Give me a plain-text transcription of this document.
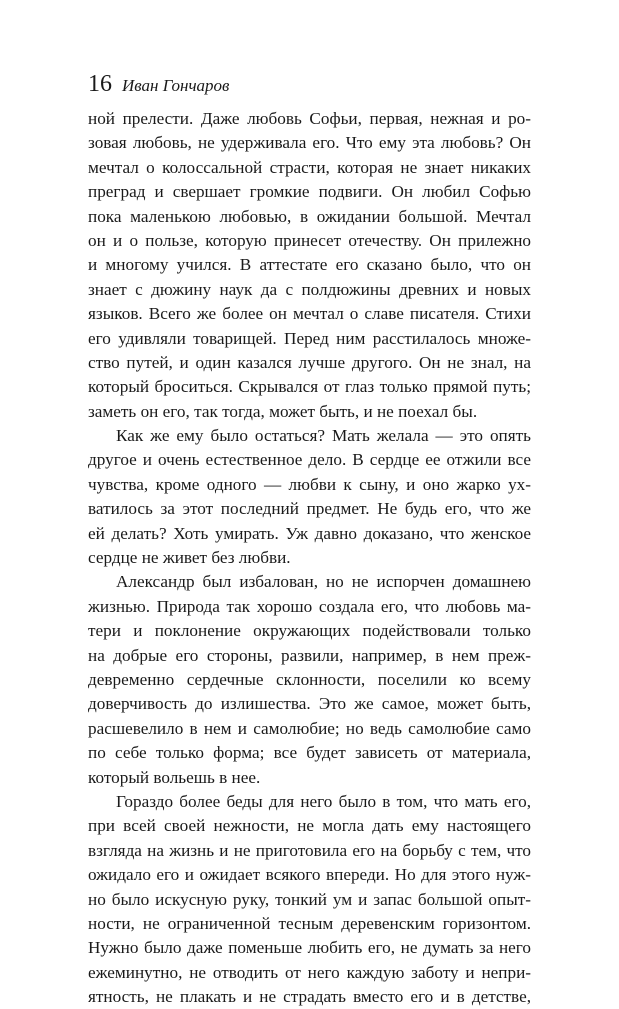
16 Иван Гончаров
ной прелести. Даже любовь Софьи, первая, нежная и ро-
зовая любовь, не удерживала его. Что ему эта любовь? Он
мечтал о колоссальной страсти, которая не знает никаких
преград и свершает громкие подвиги. Он любил Софью
пока маленькою любовью, в ожидании большой. Мечтал
он и о пользе, которую принесет отечеству. Он прилежно
и многому учился. В аттестате его сказано было, что он
знает с дюжину наук да с полдюжины древних и новых
языков. Всего же более он мечтал о славе писателя. Стихи
его удивляли товарищей. Перед ним расстилалось множе-
ство путей, и один казался лучше другого. Он не знал, на
который броситься. Скрывался от глаз только прямой путь;
заметь он его, так тогда, может быть, и не поехал бы.
Как же ему было остаться? Мать желала — это опять
другое и очень естественное дело. В сердце ее отжили все
чувства, кроме одного — любви к сыну, и оно жарко ух-
ватилось за этот последний предмет. Не будь его, что же
ей делать? Хоть умирать. Уж давно доказано, что женское
сердце не живет без любви.
Александр был избалован, но не испорчен домашнею
жизнью. Природа так хорошо создала его, что любовь ма-
тери и поклонение окружающих подействовали только
на добрые его стороны, развили, например, в нем преж-
девременно сердечные склонности, поселили ко всему
доверчивость до излишества. Это же самое, может быть,
расшевелило в нем и самолюбие; но ведь самолюбие само
по себе только форма; все будет зависеть от материала,
который вольешь в нее.
Гораздо более беды для него было в том, что мать его,
при всей своей нежности, не могла дать ему настоящего
взгляда на жизнь и не приготовила его на борьбу с тем, что
ожидало его и ожидает всякого впереди. Но для этого нуж-
но было искусную руку, тонкий ум и запас большой опыт-
ности, не ограниченной тесным деревенским горизонтом.
Нужно было даже поменьше любить его, не думать за него
ежеминутно, не отводить от него каждую заботу и непри-
ятность, не плакать и не страдать вместо его и в детстве,
